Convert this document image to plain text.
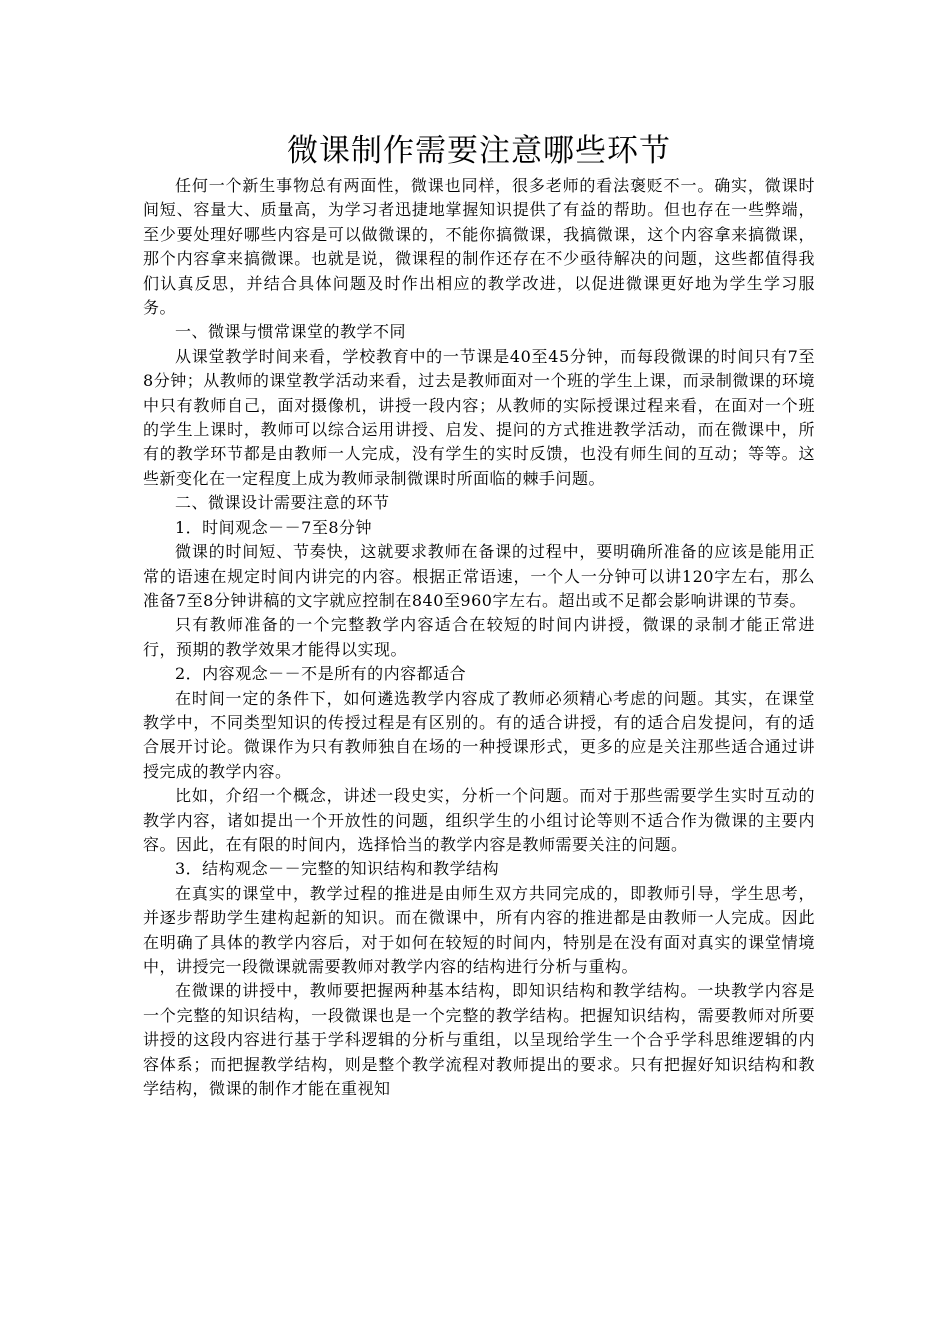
微课制作需要注意哪些环节

任何一个新生事物总有两面性，微课也同样，很多老师的看法褒贬不一。确实，微课时间短、容量大、质量高，为学习者迅捷地掌握知识提供了有益的帮助。但也存在一些弊端，至少要处理好哪些内容是可以做微课的，不能你搞微课，我搞微课，这个内容拿来搞微课，那个内容拿来搞微课。也就是说，微课程的制作还存在不少亟待解决的问题，这些都值得我们认真反思，并结合具体问题及时作出相应的教学改进，以促进微课更好地为学生学习服务。

一、微课与惯常课堂的教学不同

从课堂教学时间来看，学校教育中的一节课是40至45分钟，而每段微课的时间只有7至8分钟；从教师的课堂教学活动来看，过去是教师面对一个班的学生上课，而录制微课的环境中只有教师自己，面对摄像机，讲授一段内容；从教师的实际授课过程来看，在面对一个班的学生上课时，教师可以综合运用讲授、启发、提问的方式推进教学活动，而在微课中，所有的教学环节都是由教师一人完成，没有学生的实时反馈，也没有师生间的互动；等等。这些新变化在一定程度上成为教师录制微课时所面临的棘手问题。

二、微课设计需要注意的环节

1．时间观念－－7至8分钟

微课的时间短、节奏快，这就要求教师在备课的过程中，要明确所准备的应该是能用正常的语速在规定时间内讲完的内容。根据正常语速，一个人一分钟可以讲120字左右，那么准备7至8分钟讲稿的文字就应控制在840至960字左右。超出或不足都会影响讲课的节奏。

只有教师准备的一个完整教学内容适合在较短的时间内讲授，微课的录制才能正常进行，预期的教学效果才能得以实现。

2．内容观念－－不是所有的内容都适合

在时间一定的条件下，如何遴选教学内容成了教师必须精心考虑的问题。其实，在课堂教学中，不同类型知识的传授过程是有区别的。有的适合讲授，有的适合启发提问，有的适合展开讨论。微课作为只有教师独自在场的一种授课形式，更多的应是关注那些适合通过讲授完成的教学内容。

比如，介绍一个概念，讲述一段史实，分析一个问题。而对于那些需要学生实时互动的教学内容，诸如提出一个开放性的问题，组织学生的小组讨论等则不适合作为微课的主要内容。因此，在有限的时间内，选择恰当的教学内容是教师需要关注的问题。

3．结构观念－－完整的知识结构和教学结构

在真实的课堂中，教学过程的推进是由师生双方共同完成的，即教师引导，学生思考，并逐步帮助学生建构起新的知识。而在微课中，所有内容的推进都是由教师一人完成。因此在明确了具体的教学内容后，对于如何在较短的时间内，特别是在没有面对真实的课堂情境中，讲授完一段微课就需要教师对教学内容的结构进行分析与重构。

在微课的讲授中，教师要把握两种基本结构，即知识结构和教学结构。一块教学内容是一个完整的知识结构，一段微课也是一个完整的教学结构。把握知识结构，需要教师对所要讲授的这段内容进行基于学科逻辑的分析与重组，以呈现给学生一个合乎学科思维逻辑的内容体系；而把握教学结构，则是整个教学流程对教师提出的要求。只有把握好知识结构和教学结构，微课的制作才能在重视知
